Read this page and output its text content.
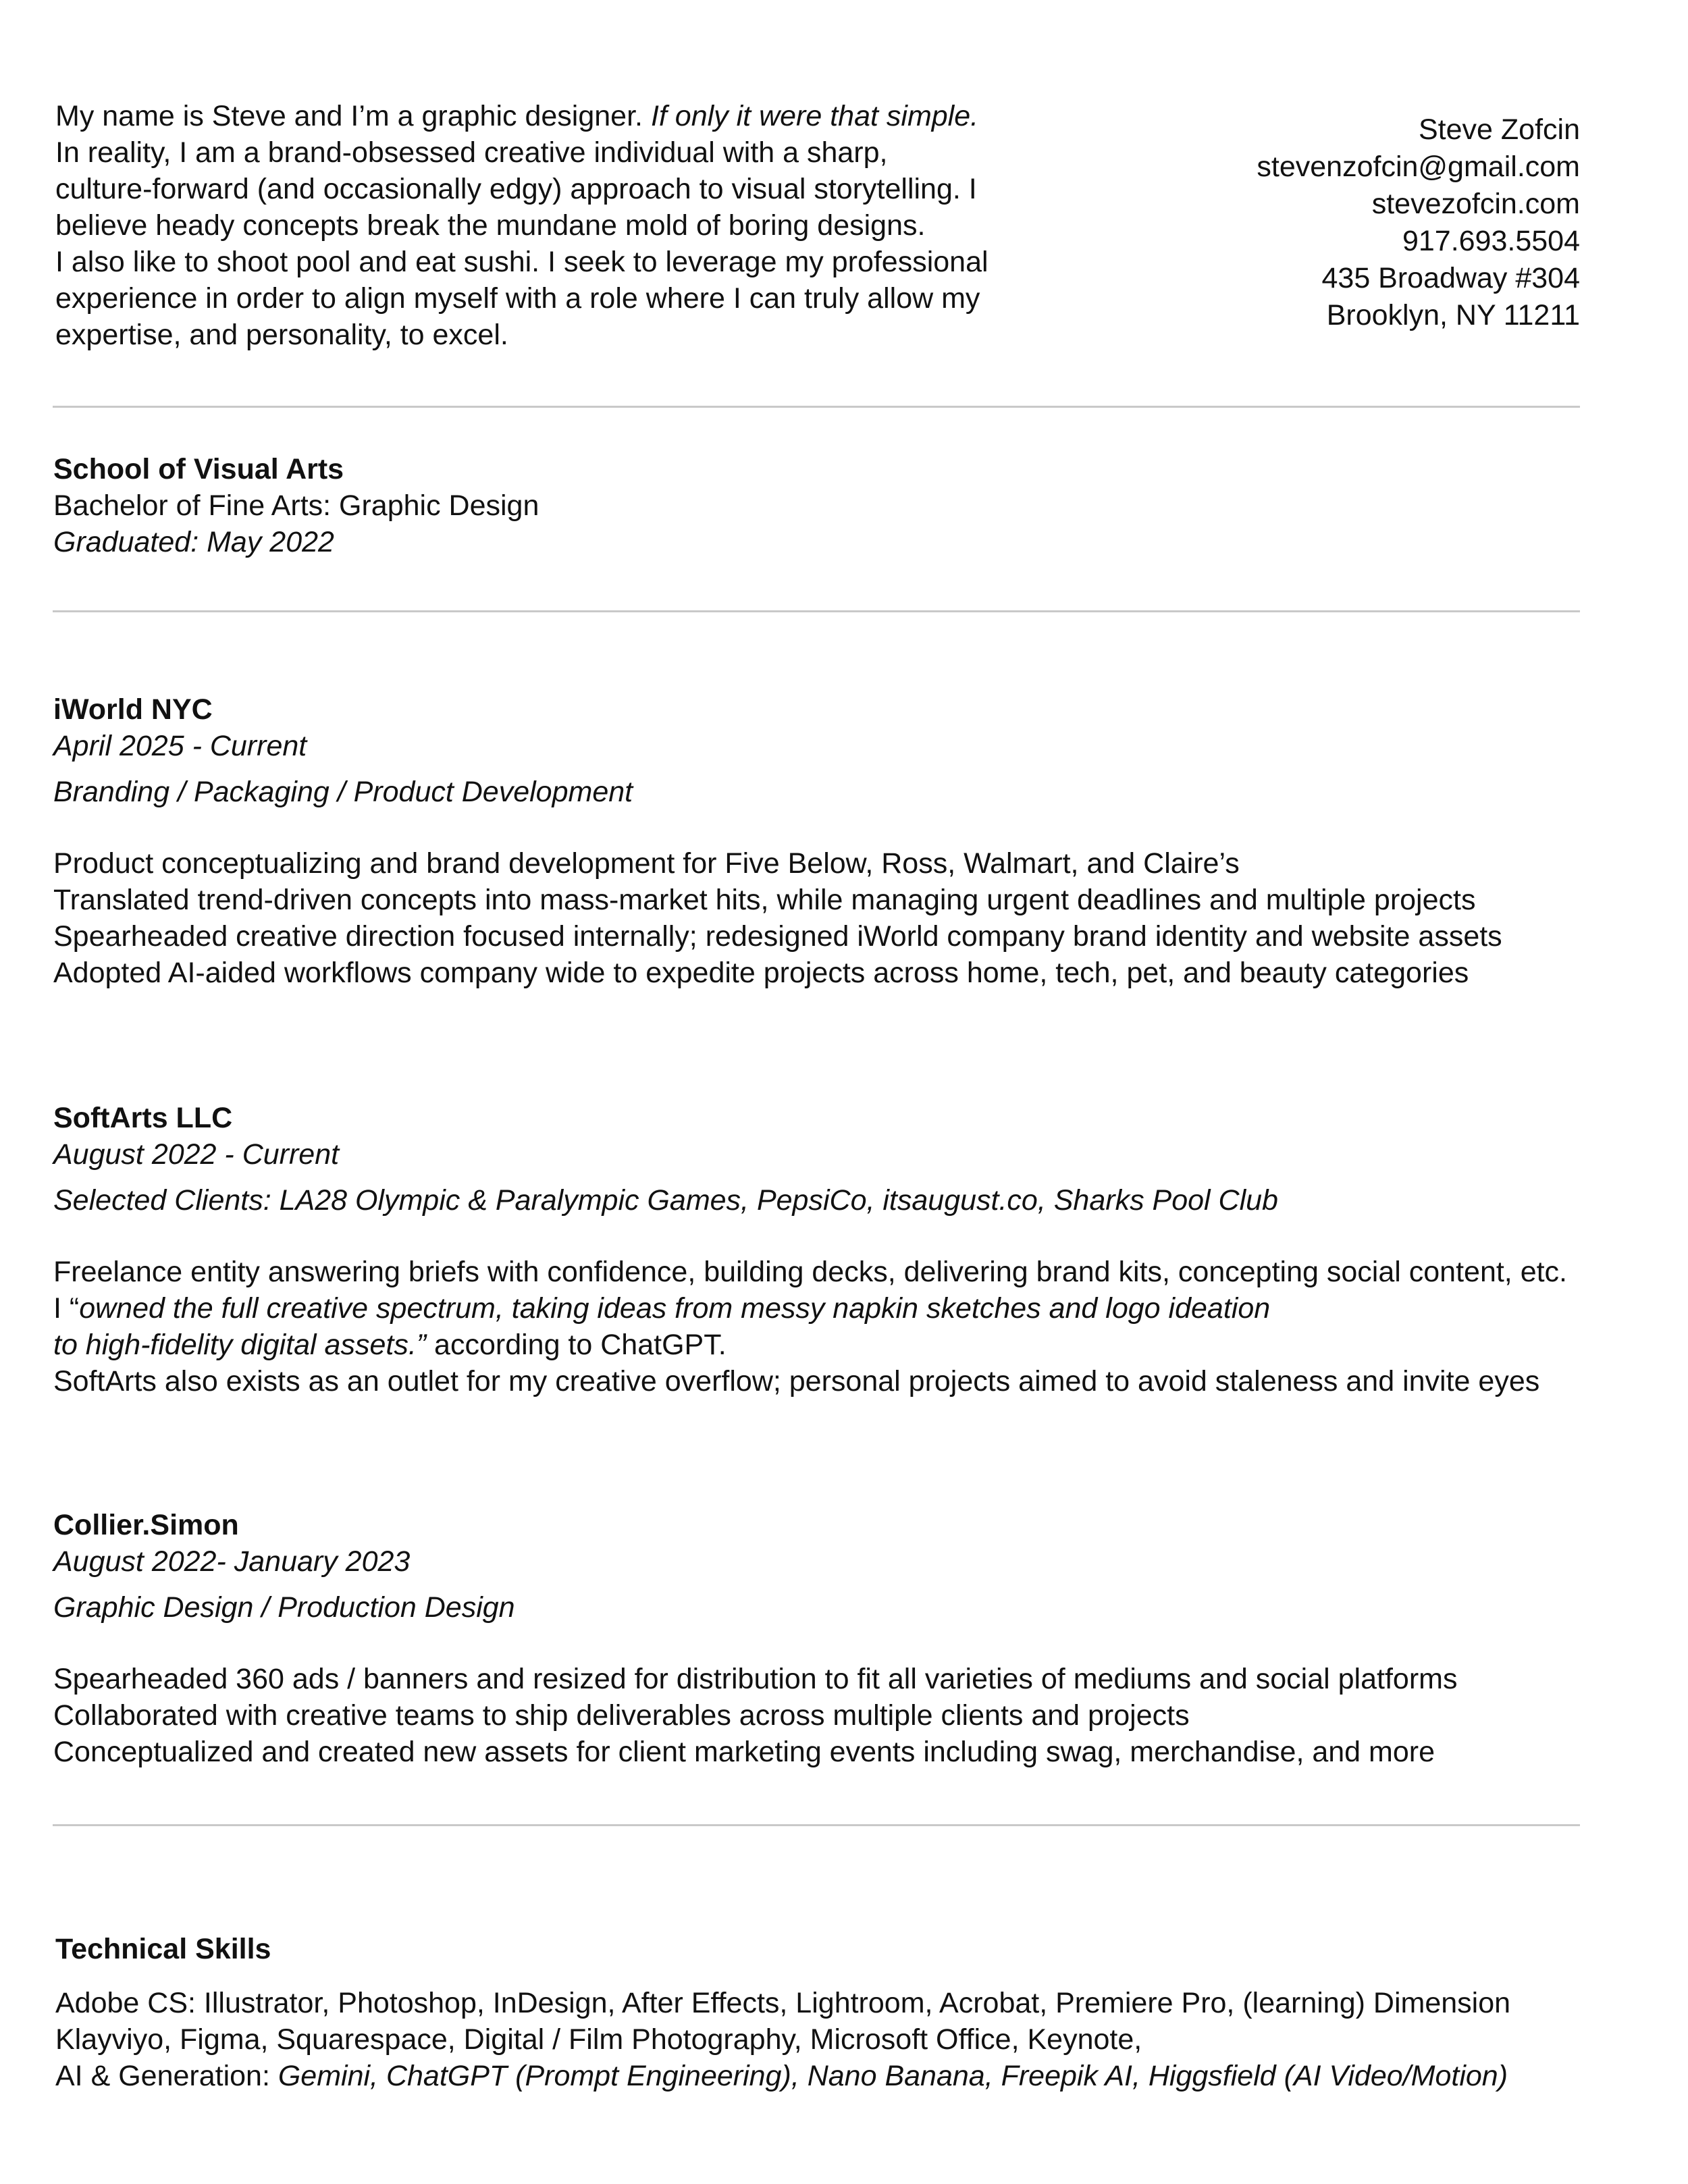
My name is Steve and I’m a graphic designer. If only it were that simple.
In reality, I am a brand-obsessed creative individual with a sharp,
culture-forward (and occasionally edgy) approach to visual storytelling. I
believe heady concepts break the mundane mold of boring designs.
I also like to shoot pool and eat sushi. I seek to leverage my professional
experience in order to align myself with a role where I can truly allow my
expertise, and personality, to excel.
Steve Zofcin
stevenzofcin@gmail.com
stevezofcin.com
917.693.5504
435 Broadway #304
Brooklyn, NY 11211
School of Visual Arts
Bachelor of Fine Arts: Graphic Design
Graduated: May 2022
iWorld NYC
April 2025 - Current
Branding / Packaging / Product Development
Product conceptualizing and brand development for Five Below, Ross, Walmart, and Claire’s
Translated trend-driven concepts into mass-market hits, while managing urgent deadlines and multiple projects
Spearheaded creative direction focused internally; redesigned iWorld company brand identity and website assets
Adopted AI-aided workflows company wide to expedite projects across home, tech, pet, and beauty categories
SoftArts LLC
August 2022 - Current
Selected Clients: LA28 Olympic & Paralympic Games, PepsiCo, itsaugust.co, Sharks Pool Club
Freelance entity answering briefs with confidence, building decks, delivering brand kits, concepting social content, etc.
I “owned the full creative spectrum, taking ideas from messy napkin sketches and logo ideation
to high-fidelity digital assets.” according to ChatGPT.
SoftArts also exists as an outlet for my creative overflow; personal projects aimed to avoid staleness and invite eyes
Collier.Simon
August 2022- January 2023
Graphic Design / Production Design
Spearheaded 360 ads / banners and resized for distribution to fit all varieties of mediums and social platforms
Collaborated with creative teams to ship deliverables across multiple clients and projects
Conceptualized and created new assets for client marketing events including swag, merchandise, and more
Technical Skills
Adobe CS: Illustrator, Photoshop, InDesign, After Effects, Lightroom, Acrobat, Premiere Pro, (learning) Dimension
Klayviyo, Figma, Squarespace, Digital / Film Photography, Microsoft Office, Keynote,
AI & Generation: Gemini, ChatGPT (Prompt Engineering), Nano Banana, Freepik AI, Higgsfield (AI Video/Motion)
